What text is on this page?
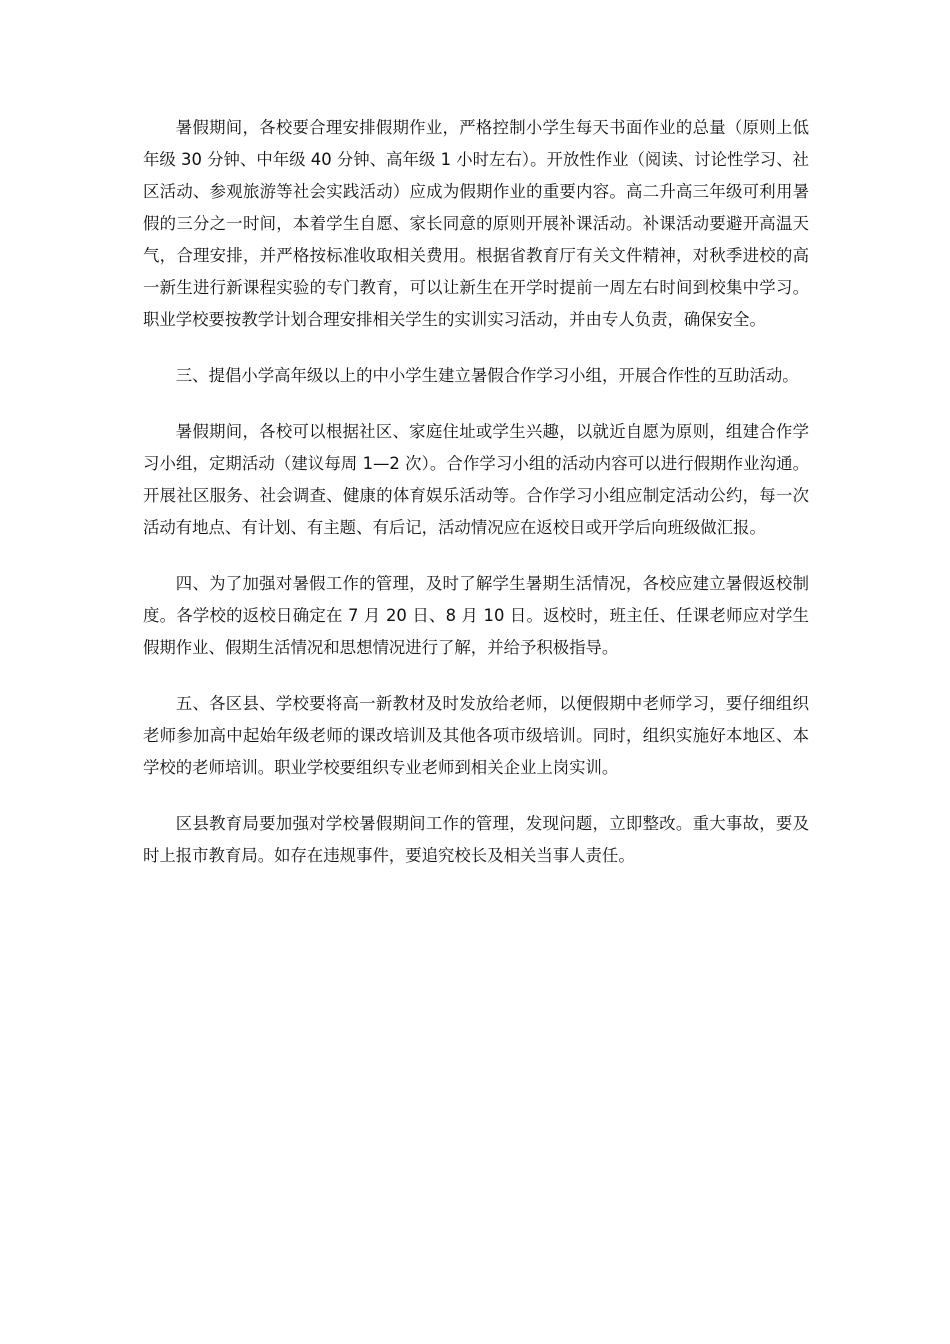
暑假期间，各校要合理安排假期作业，严格控制小学生每天书面作业的总量（原则上低年级 30 分钟、中年级 40 分钟、高年级 1 小时左右）。开放性作业（阅读、讨论性学习、社区活动、参观旅游等社会实践活动）应成为假期作业的重要内容。高二升高三年级可利用暑假的三分之一时间，本着学生自愿、家长同意的原则开展补课活动。补课活动要避开高温天气，合理安排，并严格按标准收取相关费用。根据省教育厅有关文件精神，对秋季进校的高一新生进行新课程实验的专门教育，可以让新生在开学时提前一周左右时间到校集中学习。职业学校要按教学计划合理安排相关学生的实训实习活动，并由专人负责，确保安全。

三、提倡小学高年级以上的中小学生建立暑假合作学习小组，开展合作性的互助活动。

暑假期间，各校可以根据社区、家庭住址或学生兴趣，以就近自愿为原则，组建合作学习小组，定期活动（建议每周 1—2 次）。合作学习小组的活动内容可以进行假期作业沟通。开展社区服务、社会调查、健康的体育娱乐活动等。合作学习小组应制定活动公约，每一次活动有地点、有计划、有主题、有后记，活动情况应在返校日或开学后向班级做汇报。

四、为了加强对暑假工作的管理，及时了解学生暑期生活情况，各校应建立暑假返校制度。各学校的返校日确定在 7 月 20 日、8 月 10 日。返校时，班主任、任课老师应对学生假期作业、假期生活情况和思想情况进行了解，并给予积极指导。

五、各区县、学校要将高一新教材及时发放给老师，以便假期中老师学习，要仔细组织老师参加高中起始年级老师的课改培训及其他各项市级培训。同时，组织实施好本地区、本学校的老师培训。职业学校要组织专业老师到相关企业上岗实训。

区县教育局要加强对学校暑假期间工作的管理，发现问题，立即整改。重大事故，要及时上报市教育局。如存在违规事件，要追究校长及相关当事人责任。
